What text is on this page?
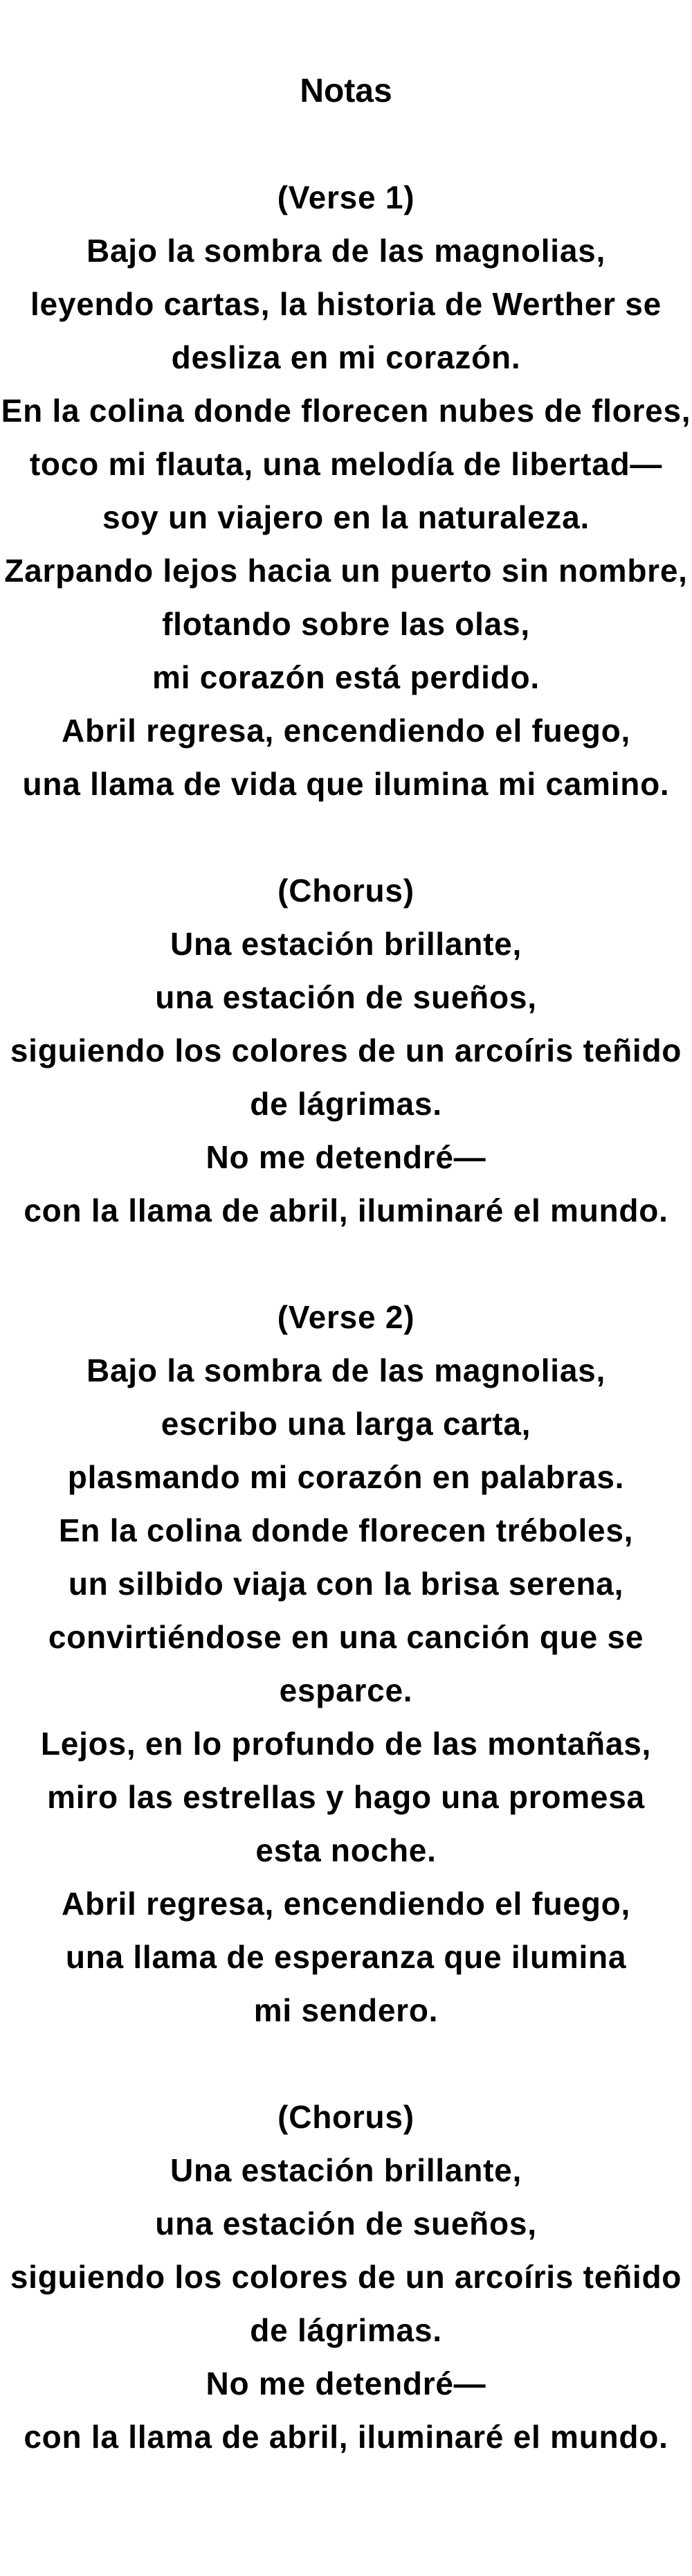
Notas
(Verse 1)
Bajo la sombra de las magnolias,
leyendo cartas, la historia de Werther se
desliza en mi corazón.
En la colina donde florecen nubes de flores,
toco mi flauta, una melodía de libertad—
soy un viajero en la naturaleza.
Zarpando lejos hacia un puerto sin nombre,
flotando sobre las olas,
mi corazón está perdido.
Abril regresa, encendiendo el fuego,
una llama de vida que ilumina mi camino.
(Chorus)
Una estación brillante,
una estación de sueños,
siguiendo los colores de un arcoíris teñido
de lágrimas.
No me detendré—
con la llama de abril, iluminaré el mundo.
(Verse 2)
Bajo la sombra de las magnolias,
escribo una larga carta,
plasmando mi corazón en palabras.
En la colina donde florecen tréboles,
un silbido viaja con la brisa serena,
convirtiéndose en una canción que se
esparce.
Lejos, en lo profundo de las montañas,
miro las estrellas y hago una promesa
esta noche.
Abril regresa, encendiendo el fuego,
una llama de esperanza que ilumina
mi sendero.
(Chorus)
Una estación brillante,
una estación de sueños,
siguiendo los colores de un arcoíris teñido
de lágrimas.
No me detendré—
con la llama de abril, iluminaré el mundo.
